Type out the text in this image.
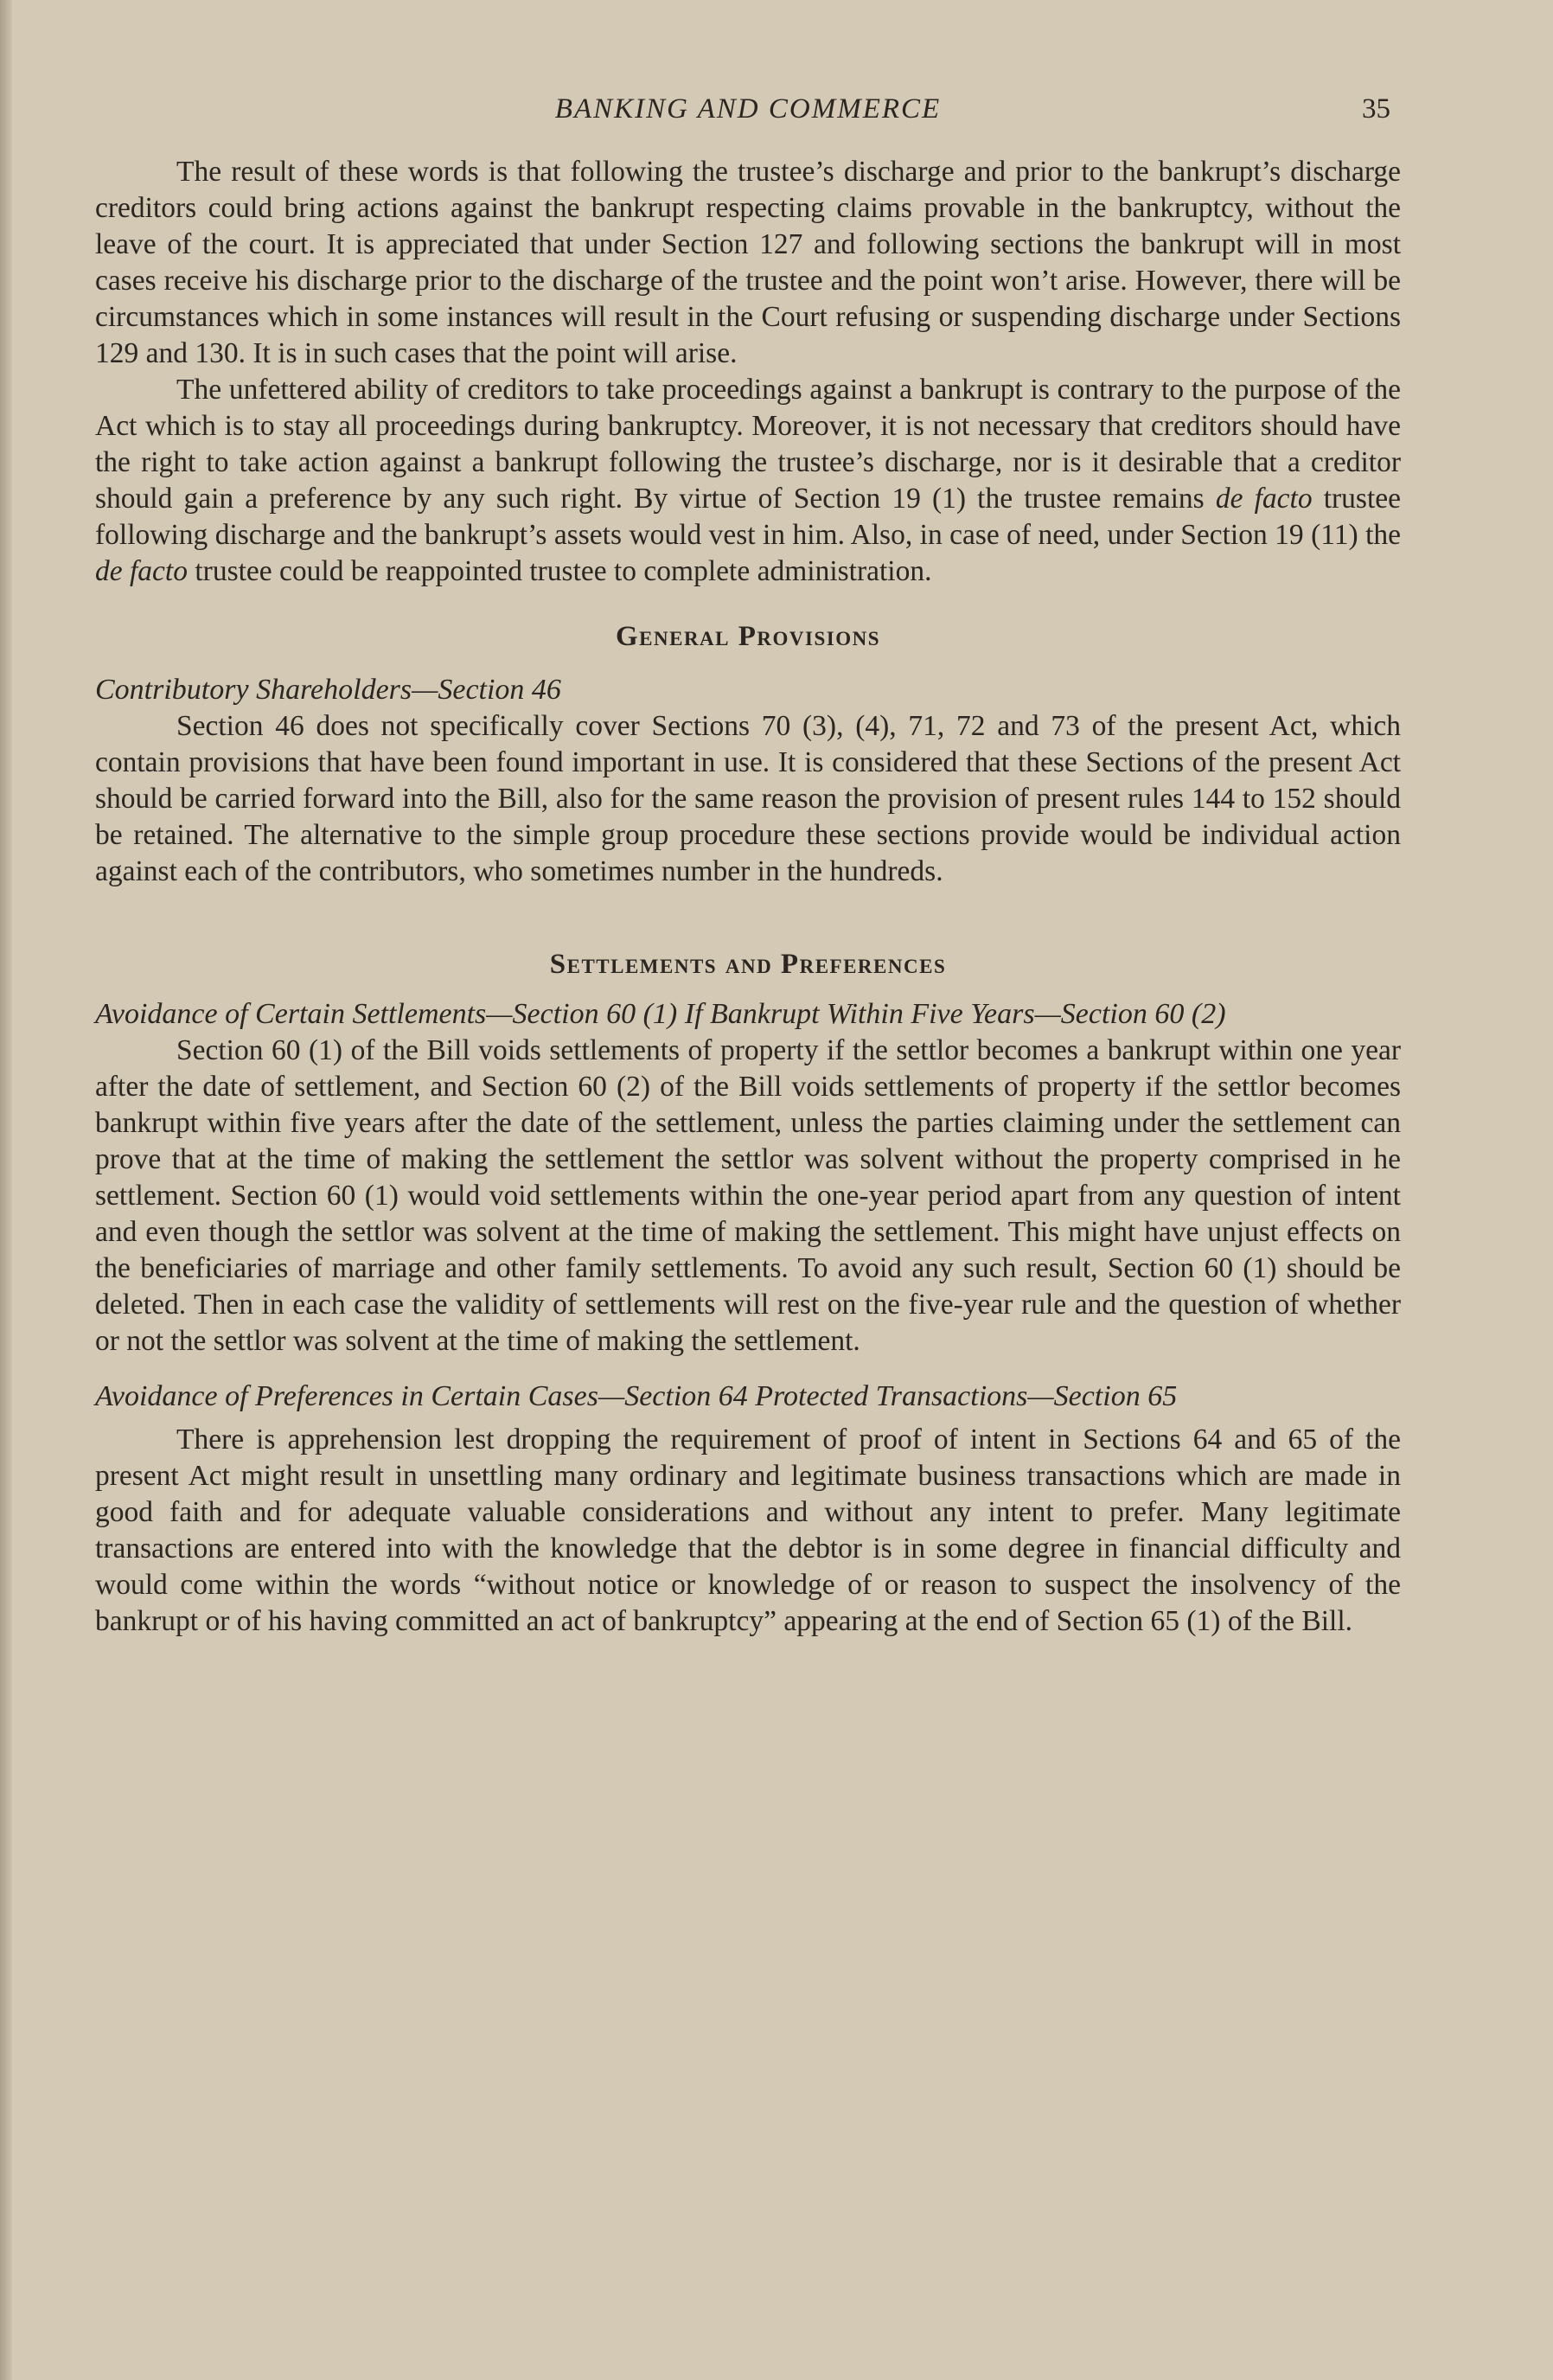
BANKING AND COMMERCE	35

The result of these words is that following the trustee’s discharge and prior to the bankrupt’s discharge creditors could bring actions against the bankrupt respecting claims provable in the bankruptcy, without the leave of the court. It is appreciated that under Section 127 and following sections the bankrupt will in most cases receive his discharge prior to the discharge of the trustee and the point won’t arise. However, there will be circumstances which in some instances will result in the Court refusing or suspending discharge under Sections 129 and 130. It is in such cases that the point will arise.

The unfettered ability of creditors to take proceedings against a bankrupt is contrary to the purpose of the Act which is to stay all proceedings during bankruptcy. Moreover, it is not necessary that creditors should have the right to take action against a bankrupt following the trustee’s discharge, nor is it desirable that a creditor should gain a preference by any such right. By virtue of Section 19 (1) the trustee remains de facto trustee following discharge and the bankrupt’s assets would vest in him. Also, in case of need, under Section 19 (11) the de facto trustee could be reappointed trustee to complete administration.

General Provisions
Contributory Shareholders—Section 46

Section 46 does not specifically cover Sections 70 (3), (4), 71, 72 and 73 of the present Act, which contain provisions that have been found important in use. It is considered that these Sections of the present Act should be carried forward into the Bill, also for the same reason the provision of present rules 144 to 152 should be retained. The alternative to the simple group procedure these sections provide would be individual action against each of the contributors, who sometimes number in the hundreds.

Settlements and Preferences
Avoidance of Certain Settlements—Section 60 (1) If Bankrupt Within Five Years—Section 60 (2)

Section 60 (1) of the Bill voids settlements of property if the settlor becomes a bankrupt within one year after the date of settlement, and Section 60 (2) of the Bill voids settlements of property if the settlor becomes bankrupt within five years after the date of the settlement, unless the parties claiming under the settlement can prove that at the time of making the settlement the settlor was solvent without the property comprised in he settlement. Section 60 (1) would void settlements within the one-year period apart from any question of intent and even though the settlor was solvent at the time of making the settlement. This might have unjust effects on the beneficiaries of marriage and other family settlements. To avoid any such result, Section 60 (1) should be deleted. Then in each case the validity of settlements will rest on the five-year rule and the question of whether or not the settlor was solvent at the time of making the settlement.

Avoidance of Preferences in Certain Cases—Section 64 Protected Transactions—Section 65

There is apprehension lest dropping the requirement of proof of intent in Sections 64 and 65 of the present Act might result in unsettling many ordinary and legitimate business transactions which are made in good faith and for adequate valuable considerations and without any intent to prefer. Many legitimate transactions are entered into with the knowledge that the debtor is in some degree in financial difficulty and would come within the words “without notice or knowledge of or reason to suspect the insolvency of the bankrupt or of his having committed an act of bankruptcy” appearing at the end of Section 65 (1) of the Bill.
